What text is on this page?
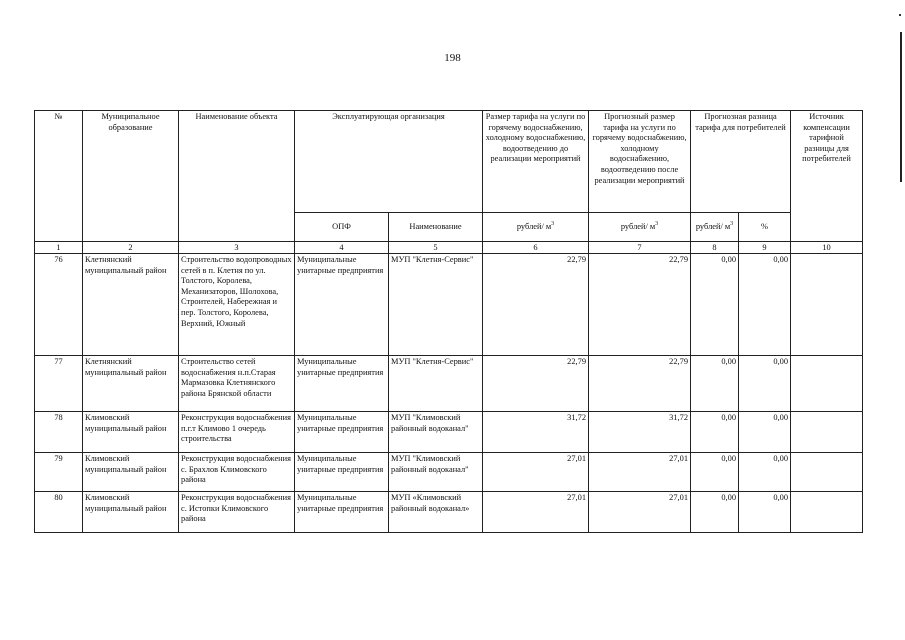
198
№	Муниципальное образование	Наименование объекта	Эксплуатирующая организация		Размер тарифа на услуги по горячему водоснабжению, холодному водоснабжению, водоотведению до реализации мероприятий	Прогнозный размер тарифа на услуги по горячему водоснабжению, холодному водоснабжению, водоотведению после реализации мероприятий	Прогнозная разница тарифа для потребителей		Источник компенсации тарифной разницы для потребителей
			ОПФ	Наименование	рублей/ $м^3$	рублей/ $м^3$	рублей/ $м^3$	%	
1	2	3	4	5	6	7	8	9	10
76	Клетнянский муниципальный район	Строительство водопроводных сетей в п. Клетня по ул. Толстого, Королева, Механизаторов, Шолохова, Строителей, Набережная и пер. Толстого, Королева, Верхний, Южный	Муниципальные унитарные предприятия	МУП "Клетня-Сервис"	22,79	22,79	0,00	0,00	
77	Клетнянский муниципальный район	Строительство сетей водоснабжения н.п.Старая Мармазовка Клетнянского района Брянской области	Муниципальные унитарные предприятия	МУП "Клетня-Сервис"	22,79	22,79	0,00	0,00	
78	Климовский муниципальный район	Реконструкция водоснабжения п.г.т Климово 1 очередь строительства	Муниципальные унитарные предприятия	МУП "Климовский районный водоканал"	31,72	31,72	0,00	0,00	
79	Климовский муниципальный район	Реконструкция водоснабжения с. Брахлов Климовского района	Муниципальные унитарные предприятия	МУП "Климовский районный водоканал"	27,01	27,01	0,00	0,00	
80	Климовский муниципальный район	Реконструкция водоснабжения с. Истопки Климовского района	Муниципальные унитарные предприятия	МУП «Климовский районный водоканал»	27,01	27,01	0,00	0,00	
